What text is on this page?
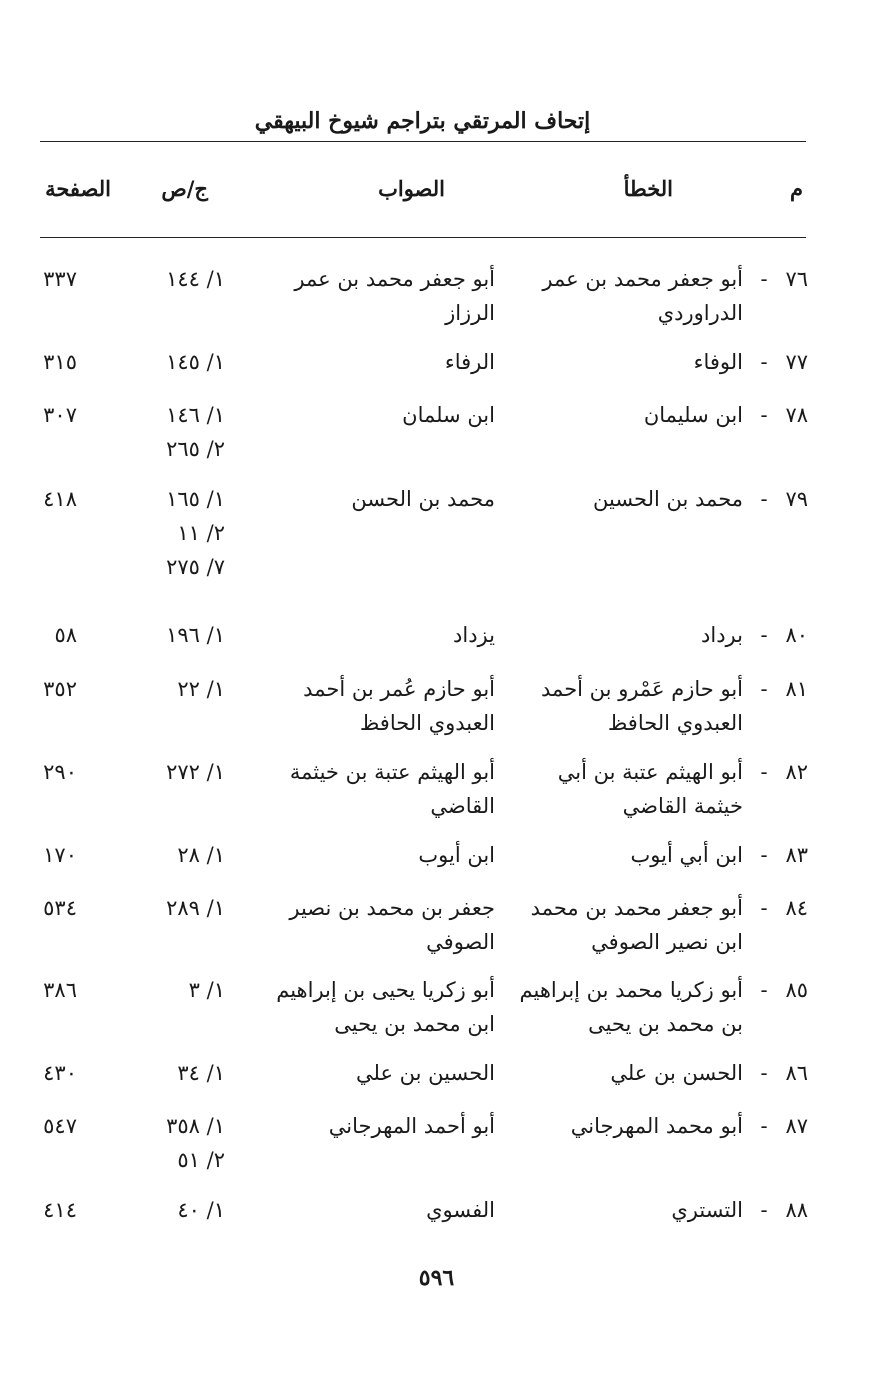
إتحاف المرتقي بتراجم شيوخ البيهقي
م
الخطأ
الصواب
ج/ص
الصفحة
٧٦
-
أبو جعفر محمد بن عمر الدراوردي
أبو جعفر محمد بن عمر الرزاز
١/ ١٤٤
٣٣٧
٧٧
-
الوفاء
الرفاء
١/ ١٤٥
٣١٥
٧٨
-
ابن سليمان
ابن سلمان
١/ ١٤٦
٢/ ٢٦٥
٣٠٧
٧٩
-
محمد بن الحسين
محمد بن الحسن
١/ ١٦٥
٢/ ١١
٧/ ٢٧٥
٤١٨
٨٠
-
برداد
يزداد
١/ ١٩٦
٥٨
٨١
-
أبو حازم عَمْرو بن أحمد العبدوي الحافظ
أبو حازم عُمر بن أحمد العبدوي الحافظ
١/ ٢٢
٣٥٢
٨٢
-
أبو الهيثم عتبة بن أبي خيثمة القاضي
أبو الهيثم عتبة بن خيثمة القاضي
١/ ٢٧٢
٢٩٠
٨٣
-
ابن أبي أيوب
ابن أيوب
١/ ٢٨
١٧٠
٨٤
-
أبو جعفر محمد بن محمد ابن نصير الصوفي
جعفر بن محمد بن نصير الصوفي
١/ ٢٨٩
٥٣٤
٨٥
-
أبو زكريا محمد بن إبراهيم بن محمد بن يحيى
أبو زكريا يحيى بن إبراهيم ابن محمد بن يحيى
١/ ٣
٣٨٦
٨٦
-
الحسن بن علي
الحسين بن علي
١/ ٣٤
٤٣٠
٨٧
-
أبو محمد المهرجاني
أبو أحمد المهرجاني
١/ ٣٥٨
٢/ ٥١
٥٤٧
٨٨
-
التستري
الفسوي
١/ ٤٠
٤١٤
٥٩٦
